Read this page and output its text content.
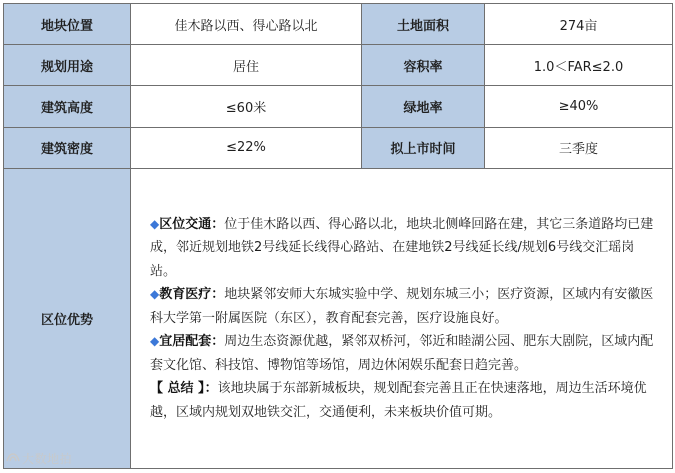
地块位置	佳木路以西、得心路以北	土地面积	274亩
规划用途	居住	容积率	1.0＜FAR≤2.0
建筑高度	≤60米	绿地率	≥40%
建筑密度	≤22%	拟上市时间	三季度
区位优势	◆区位交通：位于佳木路以西、得心路以北，地块北侧峰回路在建，其它三条道路均已建成，邻近规划地铁2号线延长线得心路站、在建地铁2号线延长线/规划6号线交汇瑶岗站。

◆教育医疗：地块紧邻安师大东城实验中学、规划东城三小；医疗资源，区域内有安徽医科大学第一附属医院（东区），教育配套完善，医疗设施良好。

◆宜居配套：周边生态资源优越，紧邻双桥河，邻近和睦湖公园、肥东大剧院，区域内配套文化馆、科技馆、博物馆等场馆，周边休闲娱乐配套日趋完善。

【 总结 】：该地块属于东部新城板块，规划配套完善且正在快速落地，周边生活环境优越，区域内规划双地铁交汇，交通便利，未来板块价值可期。		

大数地拍
